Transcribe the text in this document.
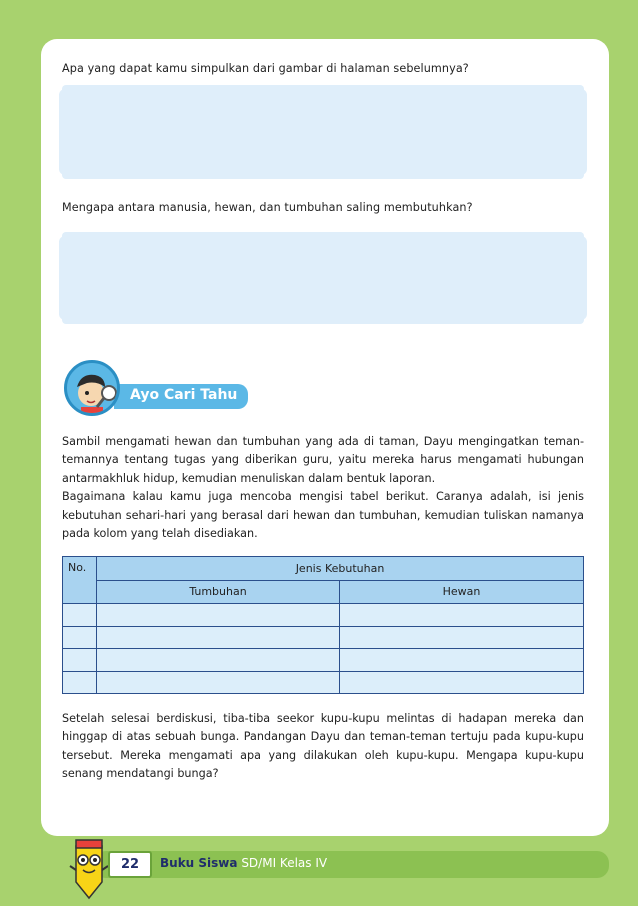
Apa yang dapat kamu simpulkan dari gambar di halaman sebelumnya?
Mengapa antara manusia, hewan, dan tumbuhan saling membutuhkan?
Ayo Cari Tahu

Sambil mengamati hewan dan tumbuhan yang ada di taman, Dayu mengingatkan teman-temannya tentang tugas yang diberikan guru, yaitu mereka harus mengamati hubungan antarmakhluk hidup, kemudian menuliskan dalam bentuk laporan.

Bagaimana kalau kamu juga mencoba mengisi tabel berikut. Caranya adalah, isi jenis kebutuhan sehari-hari yang berasal dari hewan dan tumbuhan, kemudian tuliskan namanya pada kolom yang telah disediakan.

No.	Jenis Kebutuhan	
	Tumbuhan	Hewan

Setelah selesai berdiskusi, tiba-tiba seekor kupu-kupu melintas di hadapan mereka dan hinggap di atas sebuah bunga. Pandangan Dayu dan teman-teman tertuju pada kupu-kupu tersebut. Mereka mengamati apa yang dilakukan oleh kupu-kupu. Mengapa kupu-kupu senang mendatangi bunga?
22	Buku Siswa SD/MI Kelas IV
